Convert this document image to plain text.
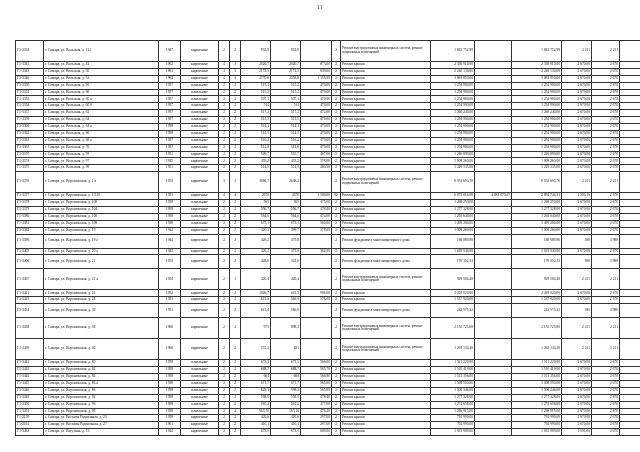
11
Г1-3334	г. Самара, ул. Вольская, д. 121	1947	кирпичные	2	2	833,9	833,9		2	Ремонт внутридомовых инженерных систем, ремонт подвальных помещений	1 843 752,99		1 843 752,99	2 211	2 211	
Г1-3341	г. Самара, ул. Вольская, д. 42	1962	кирпичные	4	3	2020,7	2020,7	873,00	2	Ремонт крыши	2 330 910,00		2 330 910,00	2 670,00	2 670	
Г1-3343	г. Самара, ул. Вольская, д. 50	1961	кирпичные	4	3	2172,3	2172,3	839,00	2	Ремонт крыши	2 240 130,00		2 240 130,00	2 670,00	2 670	
Г1-3346	г. Самара, ул. Вольская, д. 52	1962	кирпичные	4	4	2770,8	2558,8	1 155,00	2	Ремонт крыши	3 083 850,00		3 083 850,00	2 670,00	2 670	
Г1-3350	г. Самара, ул. Вольская, д. 56	1957	панельные	2	2	515,3	515,3	470,00	2	Ремонт крыши	1 254 900,00		1 254 900,00	2 670,00	2 670	
Г1-3352	г. Самара, ул. Вольская, д. 60	1957	панельные	2	2	515,2	515,2	470,00	2	Ремонт крыши	1 254 900,00		1 254 900,00	2 670,00	2 670	
Г1-3353	г. Самара, ул. Вольская, д. 60 а	1957	панельные	2	2	507,1	507,1	470,00	2	Ремонт крыши	1 254 900,00		1 254 900,00	2 670,00	2 670	
Г1-3354	г. Самара, ул. Вольская, д. 60 б	1957	панельные	2	2	514	514	470,00	2	Ремонт крыши	1 254 900,00		1 254 900,00	2 670,00	2 670	
Г1-3357	г. Самара, ул. Вольская, д. 62	1957	панельные	2	2	517,2	517,2	472,00	2	Ремонт крыши	1 260 240,00		1 260 240,00	2 670,00	2 670	
Г1-3359	г. Самара, ул. Вольская, д. 64	1957	панельные	2	2	515,5	515,5	470,00	2	Ремонт крыши	1 254 900,00		1 254 900,00	2 670,00	2 670	
Г1-3360	г. Самара, ул. Вольская, д. 64 а	1958	панельные	2	2	514,1	514,1	470,00	2	Ремонт крыши	1 254 900,00		1 254 900,00	2 670,00	2 670	
Г1-3362	г. Самара, ул. Вольская, д. 66	1958	панельные	2	2	514,5	514,5	470,00	2	Ремонт крыши	1 254 900,00		1 254 900,00	2 670,00	2 670	
Г1-3363	г. Самара, ул. Вольская, д. 66 а	1957	панельные	2	2	516,2	516,2	470,00	2	Ремонт крыши	1 254 900,00		1 254 900,00	2 670,00	2 670	
Г1-3365	г. Самара, ул. Вольская, д. 70	1957	панельные	2	2	512,8	512,8	470,00	2	Ремонт крыши	1 254 900,00		1 254 900,00	2 670,00	2 670	
Г1-3370	г. Самара, ул. Вольская, д. 95	1951	кирпичные	2	2	549,7	510,7	467,00	2	Ремонт крыши	1 246 890,00		1 246 890,00	2 670,00	2 670	
Г1-3374	г. Самара, ул. Вольская, д. 97	1945	кирпичные	2	2	433,2	433,2	378,00	2	Ремонт крыши	1 009 260,00		1 009 260,00	2 670,00	2 670	
Г1-3375	г. Самара, ул. Вольская, д. 99	1951	кирпичные	2	2	514,5	514,5	460,50	2	Ремонт крыши	1 229 535,00		1 229 535,00	2 670,00	2 670	
Г1-3376	г. Самара, ул. Воронежская, д. 1 а	1953	кирпичные	3	3	3866,7	2638,2		2	Ремонт внутридомовых инженерных систем, ремонт подвальных помещений	8 553 693,70		8 553 693,70	2 211	2 211	
Г1-3377	г. Самара, ул. Воронежская, д. 1/110	1953	кирпичные	4	4	2670	2670	1 500,00	92	Ремонт крыши	6 975 814,98	4 083 070,47	2 892 744,51	1 395,16	2 670	
Г1-3378	г. Самара, ул. Воронежская, д. 100	1958	панельные	2	2	565	565	475,00	2	Ремонт крыши	1 268 250,00		1 268 250,00	2 670,00	2 670	
Г1-3379	г. Самара, ул. Воронежская, д. 104	1959	кирпичные	2	2	556,7	556,7	478,40	2	Ремонт крыши	1 277 328,00		1 277 328,00	2 670,00	2 670	
Г1-3380	г. Самара, ул. Воронежская, д. 106	1958	панельные	2	2	564,6	564,6	474,00	2	Ремонт крыши	1 265 640,00		1 265 640,00	2 670,00	2 670	
Г1-3381	г. Самара, ул. Воронежская, д. 108	1958	панельные	2	2	673,1	673,1	560,00	2	Ремонт крыши	1 495 200,00		1 495 200,00	2 670,00	2 670	
Г1-3382	г. Самара, ул. Воронежская, д. 19	1942	кирпичные	2	2	420,5	399,7	378,00	2	Ремонт крыши	1 009 260,00		1 009 260,00	2 670,00	2 670	
Г1-3399	г. Самара, ул. Воронежская, д. 19 а	1944	кирпичные	2	2	426,2	375,8		2	Ремонт фундамента многоквартирного дома	168 089,96		168 089,96	396	3 988	
Г1-3405	г. Самара, ул. Воронежская, д. 20 а	1945	кирпичные	2	2	426,2	375,8	382,00	2	Ремонт крыши	1 019 940,00		1 019 940,00	2 670,00	2 670	
Г1-3406	г. Самара, ул. Воронежская, д. 21	1953	кирпичные	2	2	428,6	322,6		2	Ремонт фундамента многоквартирного дома	170 352,32		170 352,32	396	3 988	
Г1-3407	г. Самара, ул. Воронежская, д. 21 а	1954	кирпичные	2	1	420,4	420,4		2	Ремонт внутридомовых инженерных систем, ремонт подвальных помещений	929 504,40		929 504,40	2 211	2 211	
Г1-3421	г. Самара, ул. Воронежская, д. 24	1952	кирпичные	2	2	1026,7	641,3	906,00	2	Ремонт крыши	2 419 020,00		2 419 020,00	2 670,00	2 670	
Г1-3425	г. Самара, ул. Воронежская, д. 28	1953	кирпичные	2	2	615,6	566,9	576,00	2	Ремонт крыши	1 537 920,00		1 537 920,00	2 670,00	2 670	
Г1-3434	г. Самара, ул. Воронежская, д. 30	1951	кирпичные	2	2	615,4	566,9		2	Ремонт фундамента многоквартирного дома	243 575,32		243 575,32	396	3 988	
Г1-3438	г. Самара, ул. Воронежская, д. 38	1960	кирпичные	2	2	975	898,3		2	Ремонт внутридомовых инженерных систем, ремонт подвальных помещений	2 155 725,00		2 155 725,00	2 211	2 211	
Г1-3439	г. Самара, ул. Воронежская, д. 40	1960	кирпичные	2	2	572,2	481		2	Ремонт внутридомовых инженерных систем, ремонт подвальных помещений	1 265 134,20		1 265 134,20	2 211	2 211	
Г1-3442	г. Самара, ул. Воронежская, д. 80	1958	панельные	2	2	673,3	673,3	566,00	2	Ремонт крыши	1 511 220,00		1 511 220,00	2 670,00	2 670	
Г1-3443	г. Самара, ул. Воронежская, д. 82	1958	панельные	2	2	688,7	688,7	565,70	2	Ремонт крыши	1 510 419,00		1 510 419,00	2 670,00	2 670	
Г1-3444	г. Самара, ул. Воронежская, д. 84	1958	панельные	2	2	664	664	566,80	2	Ремонт крыши	1 513 356,00		1 513 356,00	2 670,00	2 670	
Г1-3445	г. Самара, ул. Воронежская, д. 84 а	1958	панельные	2	2	671,7	671,7	565,00	2	Ремонт крыши	1 508 550,00		1 508 550,00	2 670,00	2 670	
Г1-3446	г. Самара, ул. Воронежская, д. 86	1958	панельные	2	2	628,3	598,3	565,00	2	Ремонт крыши	1 508 346,00		1 508 346,00	2 670,00	2 670	
Г1-3449	г. Самара, ул. Воронежская, д. 92	1958	панельные	2	2	558,9	558,9	478,40	2	Ремонт крыши	1 277 328,00		1 277 328,00	2 670,00	2 670	
Г1-3450	г. Самара, ул. Воронежская, д. 96	1958	панельные	2	2	565,2	561,2	477,60	2	Ремонт крыши	1 274 658,00		1 274 658,00	2 670,00	2 670	
Г1-3451	г. Самара, ул. Воронежская, д. 98	1958	панельные	2	2	563,10	563,10	476,20	2	Ремонт крыши	1 266 915,00		1 266 915,00	2 670,00	2 670	
Г1-2159	г. Самара, ул. Восьмая Радиальная, д. 23	1959	кирпичные	2	2	420,6	420,6	297,00	2	Ремонт крыши	792 990,00		792 990,00	2 670,00	2 670	
Г1-2161	г. Самара, ул. Восьмая Радиальная, д. 27	1961	кирпичные	2	2	410,1	410,1	297,00	2	Ремонт крыши	792 990,00		792 990,00	2 670,00	2 670	
Г1-3463	г. Самара, ул. Ватутина, д. 13	1944	кирпичные	2	2	673,5	673,5	609,00	2	Ремонт крыши	1 015 909,00		1 015 909,00	1 501,00	2 670	
